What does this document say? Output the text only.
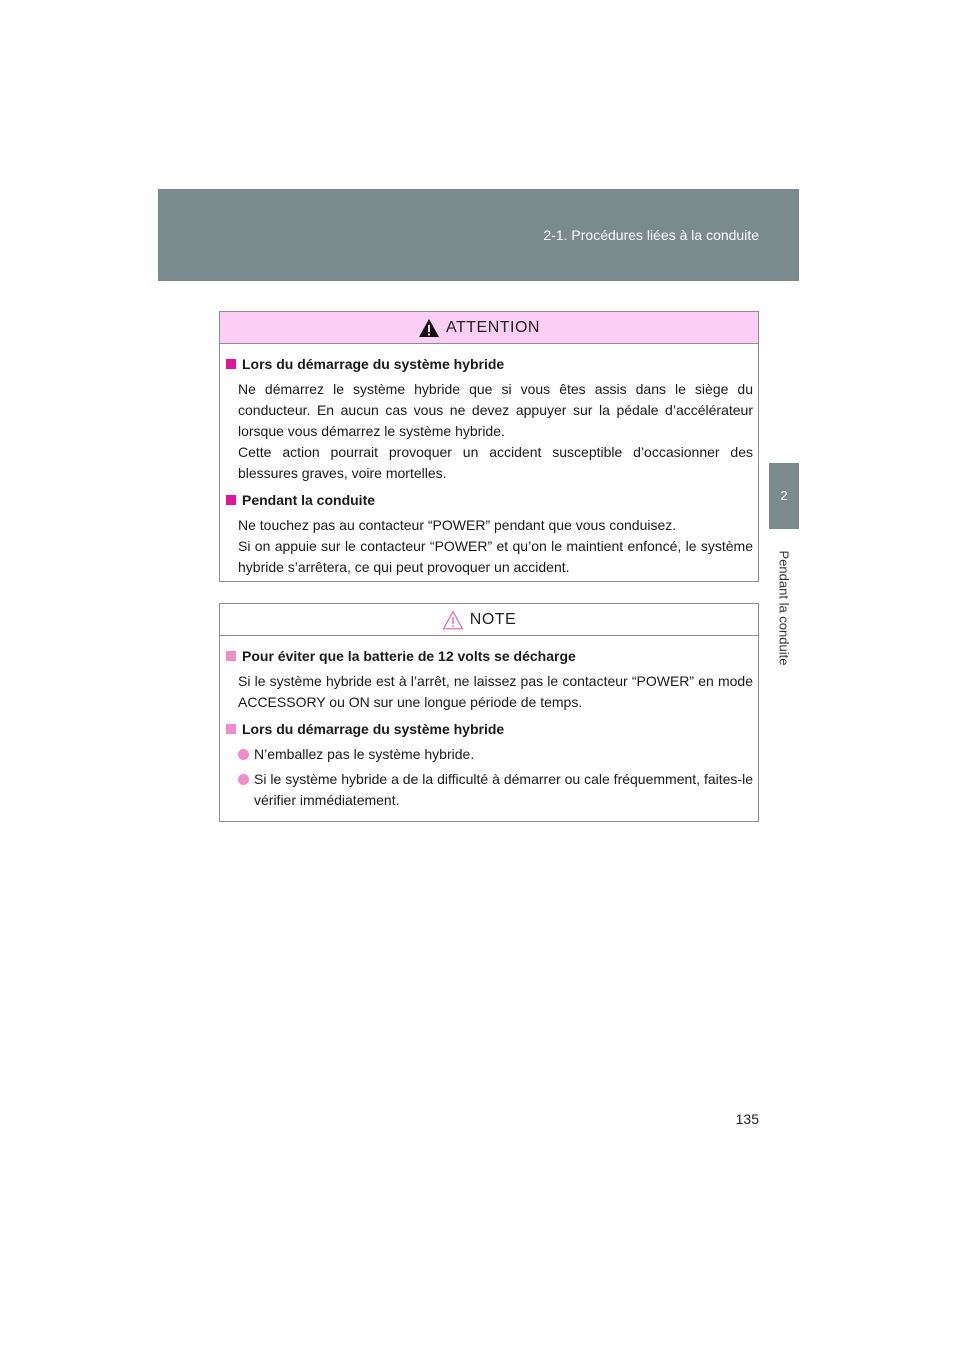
2-1. Procédures liées à la conduite
2
Pendant la conduite
ATTENTION
Lors du démarrage du système hybride

Ne démarrez le système hybride que si vous êtes assis dans le siège du conducteur. En aucun cas vous ne devez appuyer sur la pédale d’accélérateur lorsque vous démarrez le système hybride.

Cette action pourrait provoquer un accident susceptible d’occasionner des blessures graves, voire mortelles.

Pendant la conduite

Ne touchez pas au contacteur “POWER” pendant que vous conduisez.

Si on appuie sur le contacteur “POWER” et qu’on le maintient enfoncé, le système hybride s’arrêtera, ce qui peut provoquer un accident.

NOTE
Pour éviter que la batterie de 12 volts se décharge

Si le système hybride est à l’arrêt, ne laissez pas le contacteur “POWER” en mode ACCESSORY ou ON sur une longue période de temps.

Lors du démarrage du système hybride
N’emballez pas le système hybride.
Si le système hybride a de la difficulté à démarrer ou cale fréquemment, faites-le vérifier immédiatement.
135
